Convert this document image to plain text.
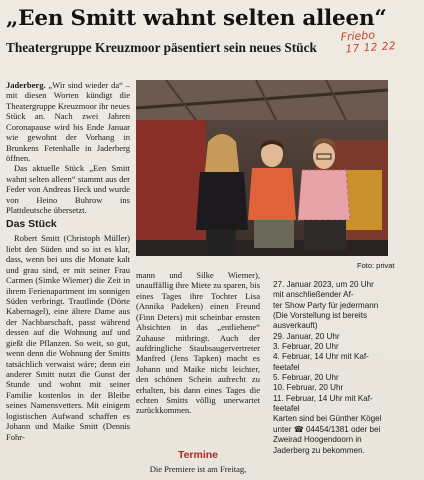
„Een Smitt wahnt selten alleen“
Theatergruppe Kreuzmoor päsentiert sein neues Stück
Friebo
17 12 22

Jaderberg. „Wir sind wieder da“ – mit diesen Worten kündigt die Theatergruppe Kreuzmoor ihr neues Stück an. Nach zwei Jahren Coronapause wird bis Ende Januar wie gewohnt der Vorhang in Brunkens Fetenhalle in Jaderberg öffnen.

Das aktuelle Stück „Een Smitt wahnt selten alleen“ stammt aus der Feder von Andreas Heck und wurde von Heino Buhrow ins Plattdeutsche übersetzt.

Das Stück

Robert Smitt (Christoph Müller) liebt den Süden und so ist es klar, dass, wenn bei uns die Monate kalt und grau sind, er mit seiner Frau Carmen (Simke Wiemer) die Zeit in ihrem Ferienapartment im sonnigen Süden verbringt. Trautlinde (Dörte Kabernagel), eine ältere Dame aus der Nachbarschaft, passt während dessen auf die Wohnung auf und gießt die Pflanzen. So weit, so gut, wenn denn die Wohnung der Smitts tatsächlich verwaist wäre; denn ein anderer Smitt nutzt die Gunst der Stunde und wohnt mit seiner Familie kostenlos in der Bleibe seines Namensvetters. Mit einigem logistischen Aufwand schaffen es Johann und Maike Smitt (Dennis Fohr-

Foto: privat

mann und Silke Wiemer), unauffällig ihre Miete zu sparen, bis eines Tages ihre Tochter Lisa (Annika Padeken) einen Freund (Finn Deters) mit scheinbar ernsten Absichten in das „entliehene“ Zuhause mitbringt. Auch der aufdringliche Staubsaugervertreter Manfred (Jens Tapken) macht es Johann und Maike nicht leichter, den schönen Schein aufrecht zu erhalten, bis dann eines Tages die echten Smitts völlig unerwartet zurückkommen.

Termine
Die Premiere ist am Freitag,
27. Januar 2023, um 20 Uhr
mit anschließender Af-
ter Show Party für jedermann
(Die Vorstellung ist bereits
ausverkauft)
29. Januar, 20 Uhr
3. Februar, 20 Uhr
4. Februar, 14 Uhr mit Kaf-
feetafel
5. Februar, 20 Uhr
10. Februar, 20 Uhr
11. Februar, 14 Uhr mit Kaf-
feetafel
Karten sind bei Günther Kögel unter ☎ 04454/1381 oder bei Zweirad Hoogendoorn in Jaderberg zu bekommen.
